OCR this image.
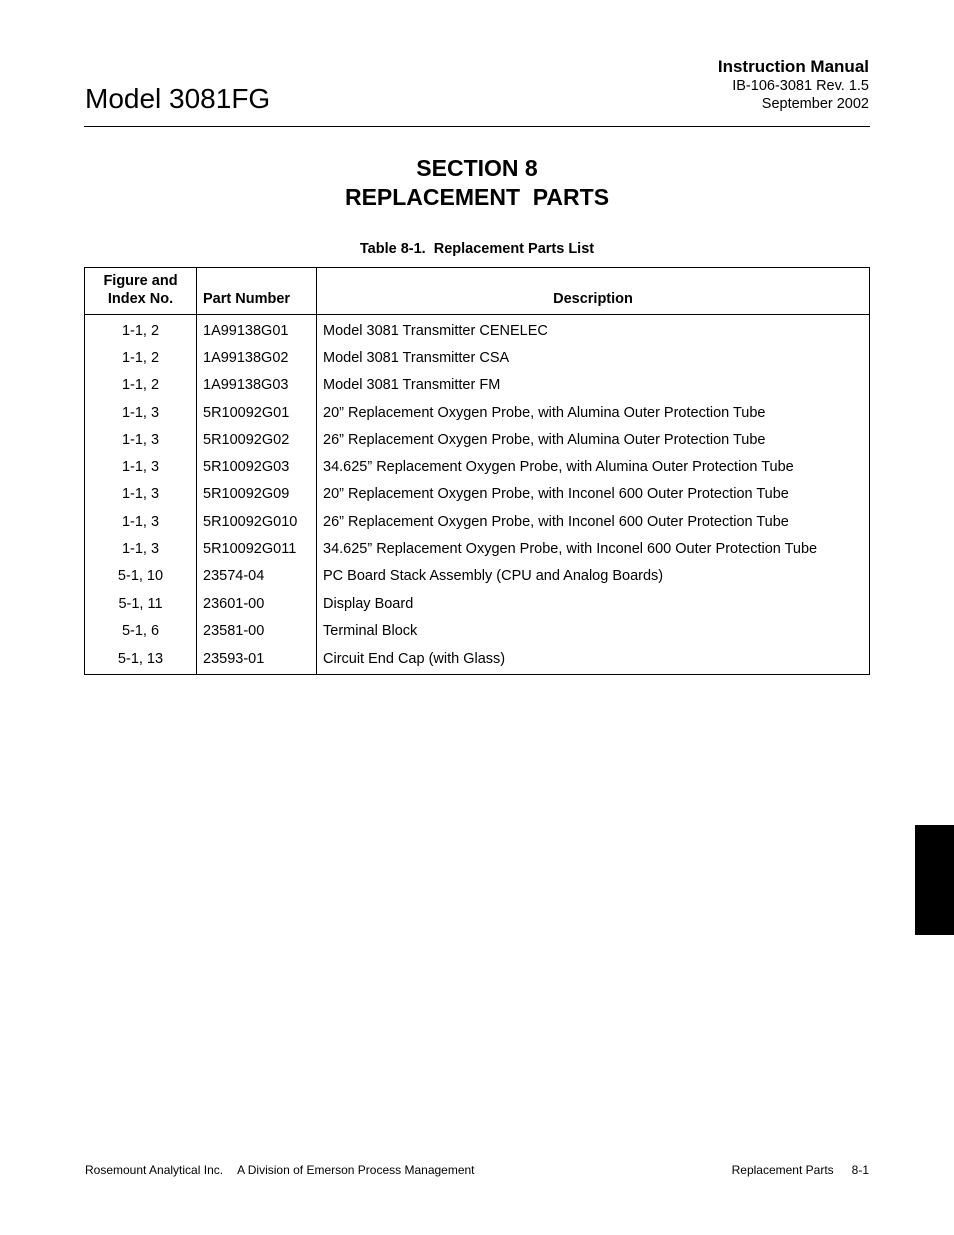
Model 3081FG
Instruction Manual
IB-106-3081 Rev. 1.5
September 2002
SECTION 8
REPLACEMENT  PARTS
Table 8-1.  Replacement Parts List
Figure and
Index No.	Part Number	Description
1-1, 2	1A99138G01	Model 3081 Transmitter CENELEC
1-1, 2	1A99138G02	Model 3081 Transmitter CSA
1-1, 2	1A99138G03	Model 3081 Transmitter FM
1-1, 3	5R10092G01	20” Replacement Oxygen Probe, with Alumina Outer Protection Tube
1-1, 3	5R10092G02	26” Replacement Oxygen Probe, with Alumina Outer Protection Tube
1-1, 3	5R10092G03	34.625” Replacement Oxygen Probe, with Alumina Outer Protection Tube
1-1, 3	5R10092G09	20” Replacement Oxygen Probe, with Inconel 600 Outer Protection Tube
1-1, 3	5R10092G010	26” Replacement Oxygen Probe, with Inconel 600 Outer Protection Tube
1-1, 3	5R10092G011	34.625” Replacement Oxygen Probe, with Inconel 600 Outer Protection Tube
5-1, 10	23574-04	PC Board Stack Assembly (CPU and Analog Boards)
5-1, 11	23601-00	Display Board
5-1, 6	23581-00	Terminal Block
5-1, 13	23593-01	Circuit End Cap (with Glass)
Rosemount Analytical Inc. A Division of Emerson Process Management	Replacement Parts 8-1
